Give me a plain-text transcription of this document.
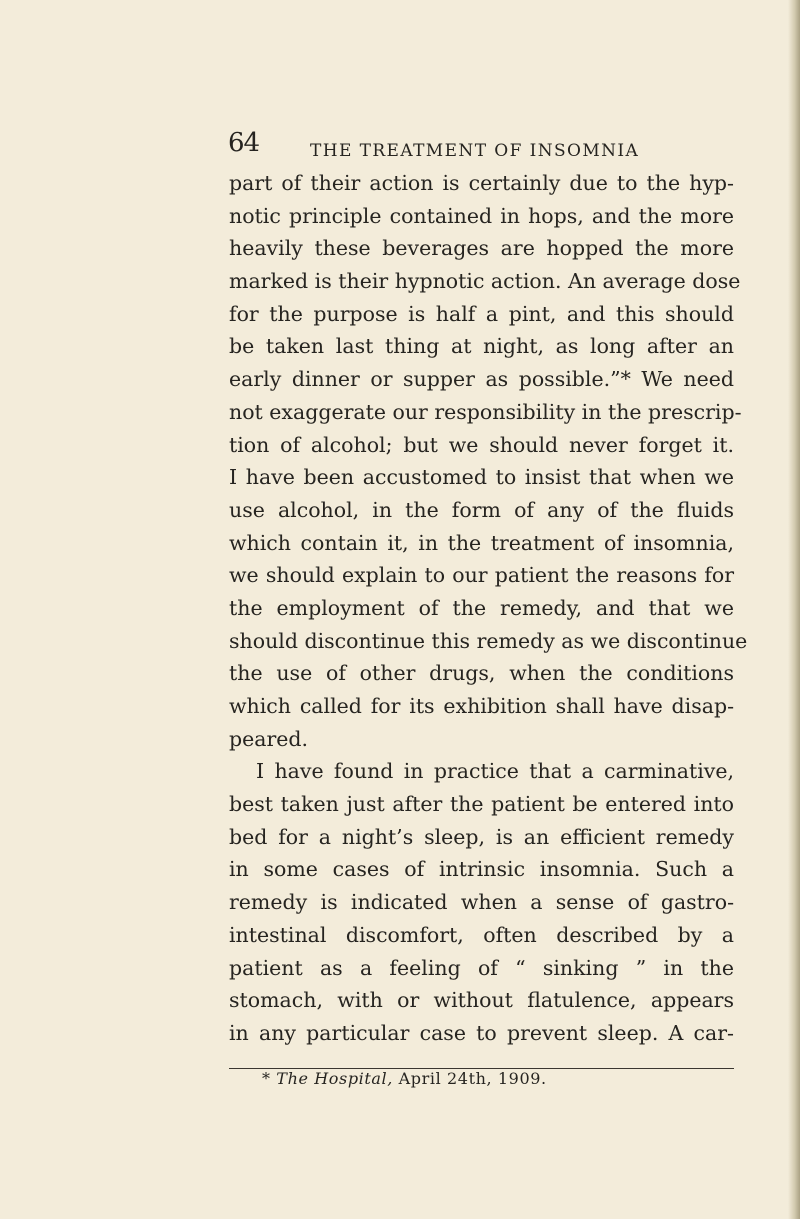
64	THE TREATMENT OF INSOMNIA
part of their action is certainly due to the hyp-
notic principle contained in hops, and the more
heavily these beverages are hopped the more
marked is their hypnotic action. An average dose
for the purpose is half a pint, and this should
be taken last thing at night, as long after an
early dinner or supper as possible.”* We need
not exaggerate our responsibility in the prescrip-
tion of alcohol; but we should never forget it.
I have been accustomed to insist that when we
use alcohol, in the form of any of the fluids
which contain it, in the treatment of insomnia,
we should explain to our patient the reasons for
the employment of the remedy, and that we
should discontinue this remedy as we discontinue
the use of other drugs, when the conditions
which called for its exhibition shall have disap-
peared.
I have found in practice that a carminative,
best taken just after the patient be entered into
bed for a night’s sleep, is an efficient remedy
in some cases of intrinsic insomnia. Such a
remedy is indicated when a sense of gastro-
intestinal discomfort, often described by a
patient as a feeling of “ sinking ” in the
stomach, with or without flatulence, appears
in any particular case to prevent sleep. A car-
* The Hospital, April 24th, 1909.
